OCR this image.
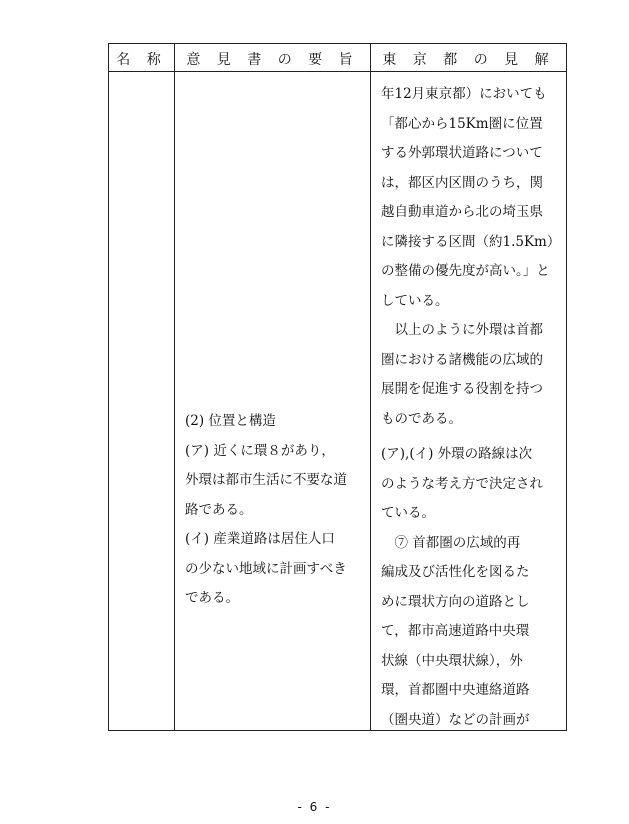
名 称	意 見 書 の 要 旨	東 京 都 の 見 解
年12月東京都）においても
「都心から15Km圏に位置
する外郭環状道路について
は，都区内区間のうち，関
越自動車道から北の埼玉県
に隣接する区間（約1.5Km）
の整備の優先度が高い。」と
している。
　以上のように外環は首都
圏における諸機能の広域的
展開を促進する役割を持つ
ものである。
(2) 位置と構造
(ア) 近くに環８があり，
外環は都市生活に不要な道
路である。
(イ) 産業道路は居住人口
の少ない地域に計画すべき
である。
(ア),(イ) 外環の路線は次
のような考え方で決定され
ている。
　⑦ 首都圏の広域的再
編成及び活性化を図るた
めに環状方向の道路とし
て，都市高速道路中央環
状線（中央環状線），外
環，首都圏中央連絡道路
（圏央道）などの計画が
- 6 -
